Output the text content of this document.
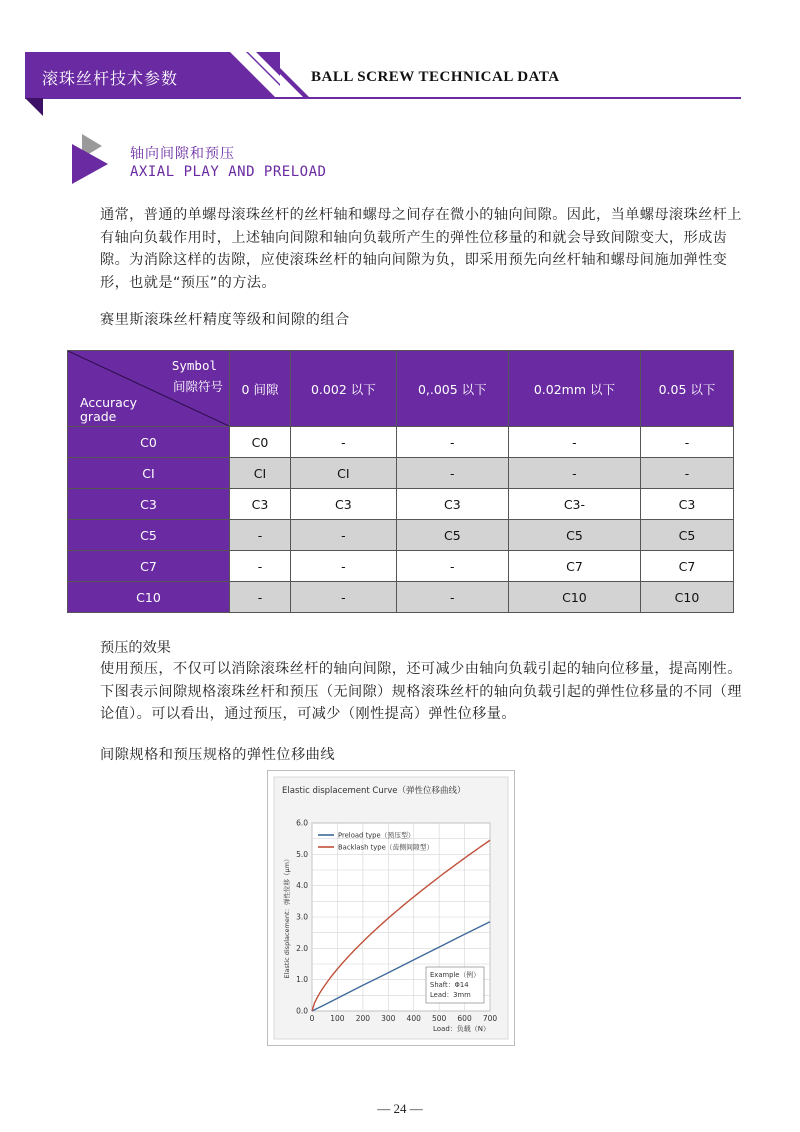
滚珠丝杆技术参数	BALL SCREW TECHNICAL DATA
轴向间隙和预压
AXIAL PLAY AND PRELOAD
通常，普通的单螺母滚珠丝杆的丝杆轴和螺母之间存在微小的轴向间隙。因此，当单螺母滚珠丝杆上有轴向负载作用时，上述轴向间隙和轴向负载所产生的弹性位移量的和就会导致间隙变大，形成齿隙。为消除这样的齿隙，应使滚珠丝杆的轴向间隙为负，即采用预先向丝杆轴和螺母间施加弹性变形，也就是“预压”的方法。
赛里斯滚珠丝杆精度等级和间隙的组合
Symbol
间隙符号
Accuracy
grade	0 间隙	0.002 以下	0,.005 以下	0.02mm 以下	0.05 以下
C0	C0	-	-	-	-
CI	CI	CI	-	-	-
C3	C3	C3	C3	C3-	C3
C5	-	-	C5	C5	C5
C7	-	-	-	C7	C7
C10	-	-	-	C10	C10
预压的效果
使用预压，不仅可以消除滚珠丝杆的轴向间隙，还可减少由轴向负载引起的轴向位移量，提高刚性。下图表示间隙规格滚珠丝杆和预压（无间隙）规格滚珠丝杆的轴向负载引起的弹性位移量的不同（理论值）。可以看出，通过预压，可减少（刚性提高）弹性位移量。
间隙规格和预压规格的弹性位移曲线
Elastic displacement Curve（弹性位移曲线）
0 100 200 300 400 500 600 700
0.0
1.0
2.0
3.0
4.0
5.0
6.0
Load：负载（N）
Elastic displacement：弹性位移（μm）
Preload type（预压型）
Backlash type（齿侧间隙型）
Example（例）
Shaft：Φ14
Lead：3mm
— 24 —
